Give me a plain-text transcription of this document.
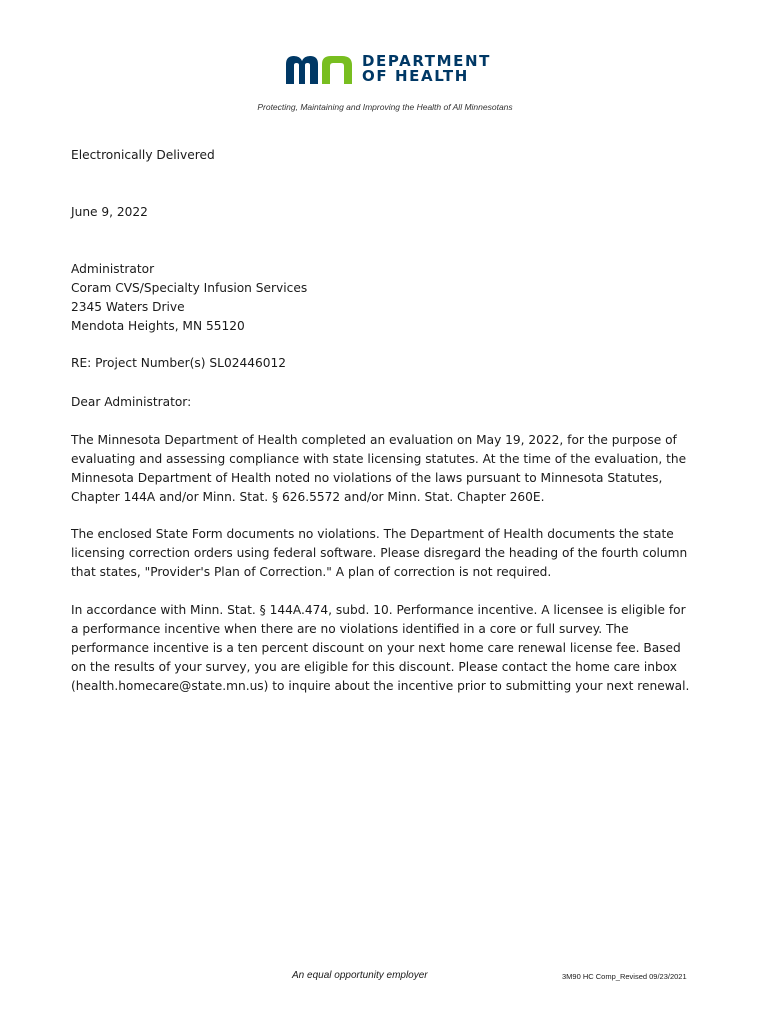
DEPARTMENT
OF HEALTH
Protecting, Maintaining and Improving the Health of All Minnesotans
Electronically Delivered
June 9, 2022
Administrator
Coram CVS/Specialty Infusion Services
2345 Waters Drive
Mendota Heights, MN 55120
RE: Project Number(s) SL02446012
Dear Administrator:
The Minnesota Department of Health completed an evaluation on May 19, 2022, for the purpose of
evaluating and assessing compliance with state licensing statutes. At the time of the evaluation, the
Minnesota Department of Health noted no violations of the laws pursuant to Minnesota Statutes,
Chapter 144A and/or Minn. Stat. § 626.5572 and/or Minn. Stat. Chapter 260E.
The enclosed State Form documents no violations. The Department of Health documents the state
licensing correction orders using federal software. Please disregard the heading of the fourth column
that states, "Provider's Plan of Correction." A plan of correction is not required.
In accordance with Minn. Stat. § 144A.474, subd. 10. Performance incentive. A licensee is eligible for
a performance incentive when there are no violations identified in a core or full survey. The
performance incentive is a ten percent discount on your next home care renewal license fee. Based
on the results of your survey, you are eligible for this discount. Please contact the home care inbox
(health.homecare@state.mn.us) to inquire about the incentive prior to submitting your next renewal.
An equal opportunity employer	3M90 HC Comp_Revised 09/23/2021
